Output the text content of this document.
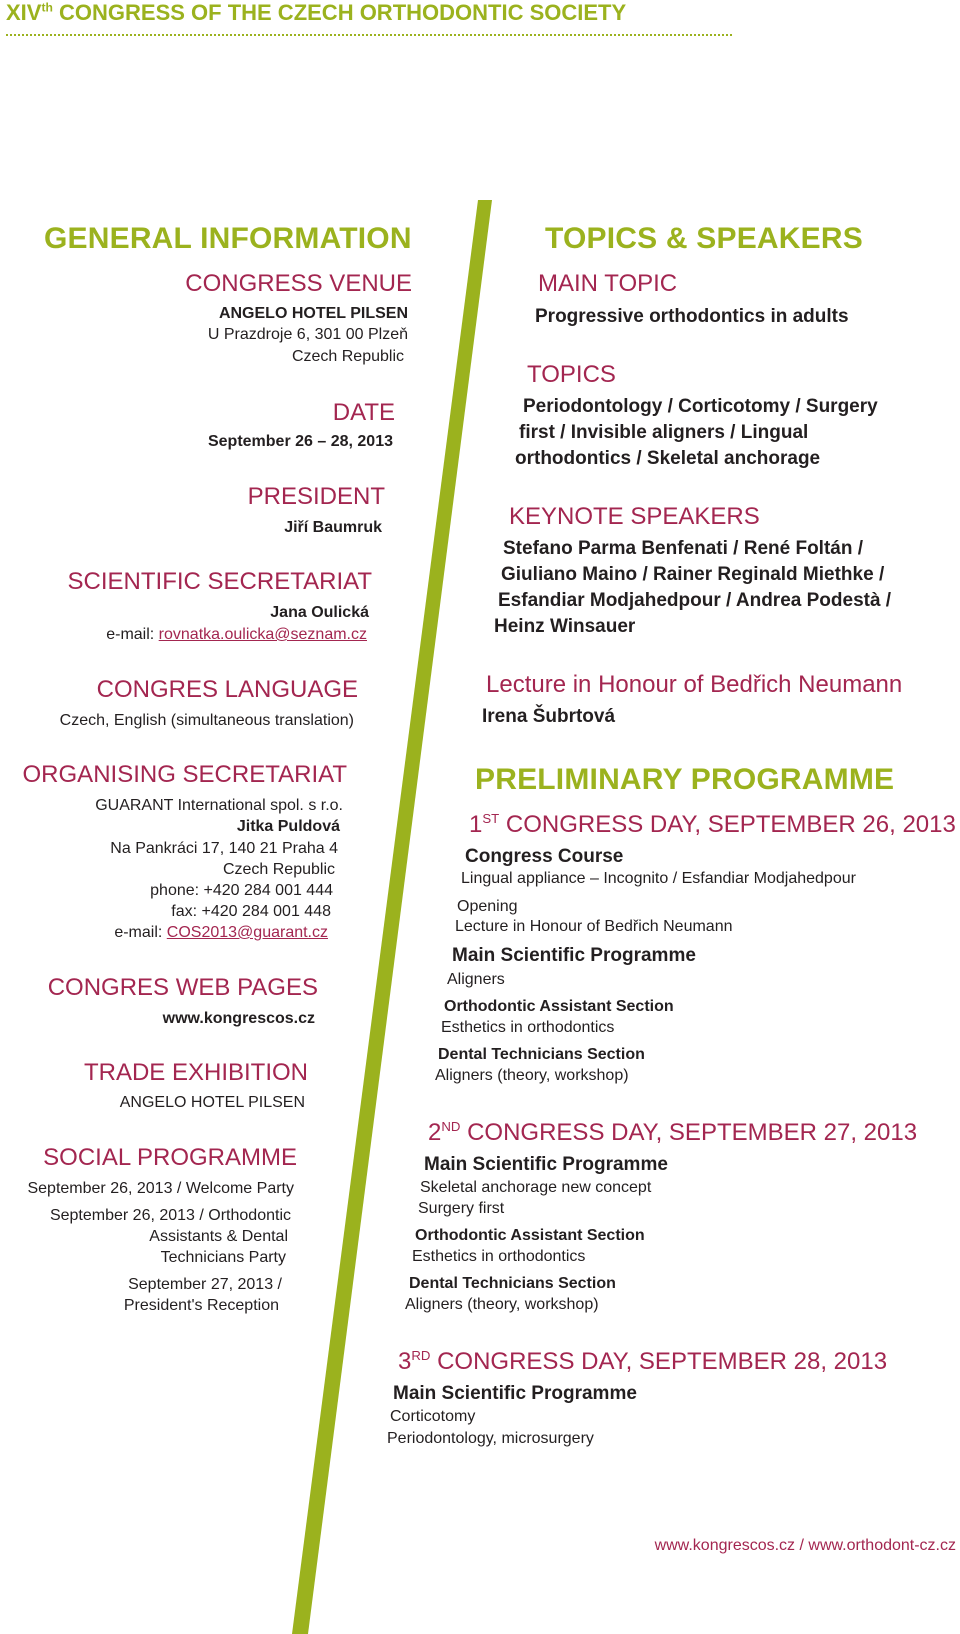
XIVth CONGRESS OF THE CZECH ORTHODONTIC SOCIETY
GENERAL INFORMATION
CONGRESS VENUE
ANGELO HOTEL PILSEN
U Prazdroje 6, 301 00 Plzeň
Czech Republic
DATE
September 26 – 28, 2013
PRESIDENT
Jiří Baumruk
SCIENTIFIC SECRETARIAT
Jana Oulická
e-mail: rovnatka.oulicka@seznam.cz
CONGRES LANGUAGE
Czech, English (simultaneous translation)
ORGANISING SECRETARIAT
GUARANT International spol. s r.o.
Jitka Puldová
Na Pankráci 17, 140 21 Praha 4
Czech Republic
phone: +420 284 001 444
fax: +420 284 001 448
e-mail: COS2013@guarant.cz
CONGRES WEB PAGES
www.kongrescos.cz
TRADE EXHIBITION
ANGELO HOTEL PILSEN
SOCIAL PROGRAMME
September 26, 2013 / Welcome Party
September 26, 2013 / Orthodontic
Assistants & Dental
Technicians Party
September 27, 2013 /
President's Reception
TOPICS & SPEAKERS
MAIN TOPIC
Progressive orthodontics in adults
TOPICS
Periodontology / Corticotomy / Surgery
first / Invisible aligners / Lingual
orthodontics / Skeletal anchorage
KEYNOTE SPEAKERS
Stefano Parma Benfenati / René Foltán /
Giuliano Maino / Rainer Reginald Miethke /
Esfandiar Modjahedpour / Andrea Podestà /
Heinz Winsauer
Lecture in Honour of Bedřich Neumann
Irena Šubrtová
PRELIMINARY PROGRAMME
1ST CONGRESS DAY, SEPTEMBER 26, 2013
Congress Course
Lingual appliance – Incognito / Esfandiar Modjahedpour
Opening
Lecture in Honour of Bedřich Neumann
Main Scientific Programme
Aligners
Orthodontic Assistant Section
Esthetics in orthodontics
Dental Technicians Section
Aligners (theory, workshop)
2ND CONGRESS DAY, SEPTEMBER 27, 2013
Main Scientific Programme
Skeletal anchorage new concept
Surgery first
Orthodontic Assistant Section
Esthetics in orthodontics
Dental Technicians Section
Aligners (theory, workshop)
3RD CONGRESS DAY, SEPTEMBER 28, 2013
Main Scientific Programme
Corticotomy
Periodontology, microsurgery
www.kongrescos.cz / www.orthodont-cz.cz
